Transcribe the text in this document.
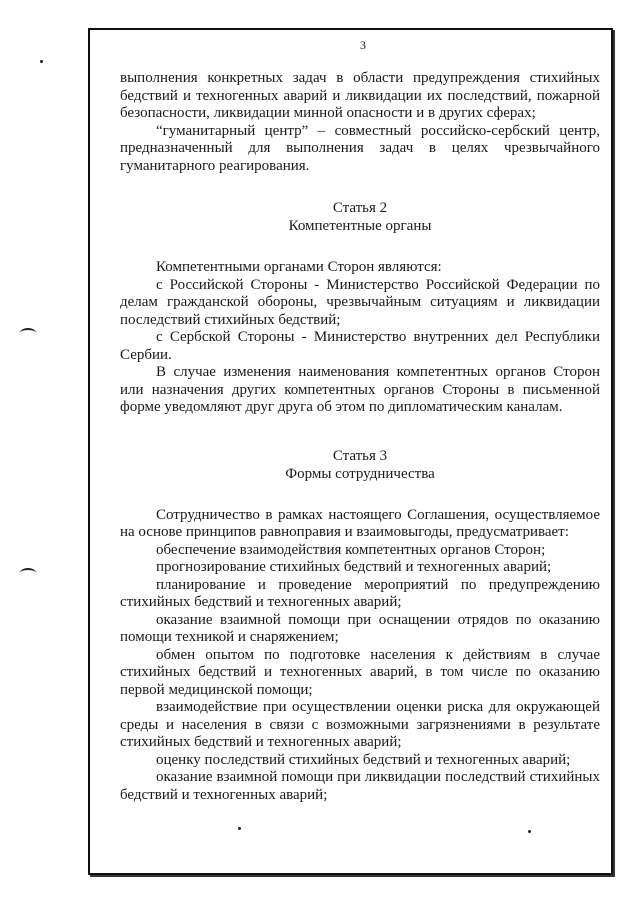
3

выполнения конкретных задач в области предупреждения стихийных бедствий и техногенных аварий и ликвидации их последствий, пожарной безопасности, ликвидации минной опасности и в других сферах;

“гуманитарный центр” – совместный российско-сербский центр, предназначенный для выполнения задач в целях чрезвычайного гуманитарного реагирования.

Статья 2

Компетентные органы

Компетентными органами Сторон являются:

с Российской Стороны - Министерство Российской Федерации по делам гражданской обороны, чрезвычайным ситуациям и ликвидации последствий стихийных бедствий;

с Сербской Стороны - Министерство внутренних дел Республики Сербии.

В случае изменения наименования компетентных органов Сторон или назначения других компетентных органов Стороны в письменной форме уведомляют друг друга об этом по дипломатическим каналам.

Статья 3

Формы сотрудничества

Сотрудничество в рамках настоящего Соглашения, осуществляемое на основе принципов равноправия и взаимовыгоды, предусматривает:

обеспечение взаимодействия компетентных органов Сторон;

прогнозирование стихийных бедствий и техногенных аварий;

планирование и проведение мероприятий по предупреждению стихийных бедствий и техногенных аварий;

оказание взаимной помощи при оснащении отрядов по оказанию помощи техникой и снаряжением;

обмен опытом по подготовке населения к действиям в случае стихийных бедствий и техногенных аварий, в том числе по оказанию первой медицинской помощи;

взаимодействие при осуществлении оценки риска для окружающей среды и населения в связи с возможными загрязнениями в результате стихийных бедствий и техногенных аварий;

оценку последствий стихийных бедствий и техногенных аварий;

оказание взаимной помощи при ликвидации последствий стихийных бедствий и техногенных аварий;
